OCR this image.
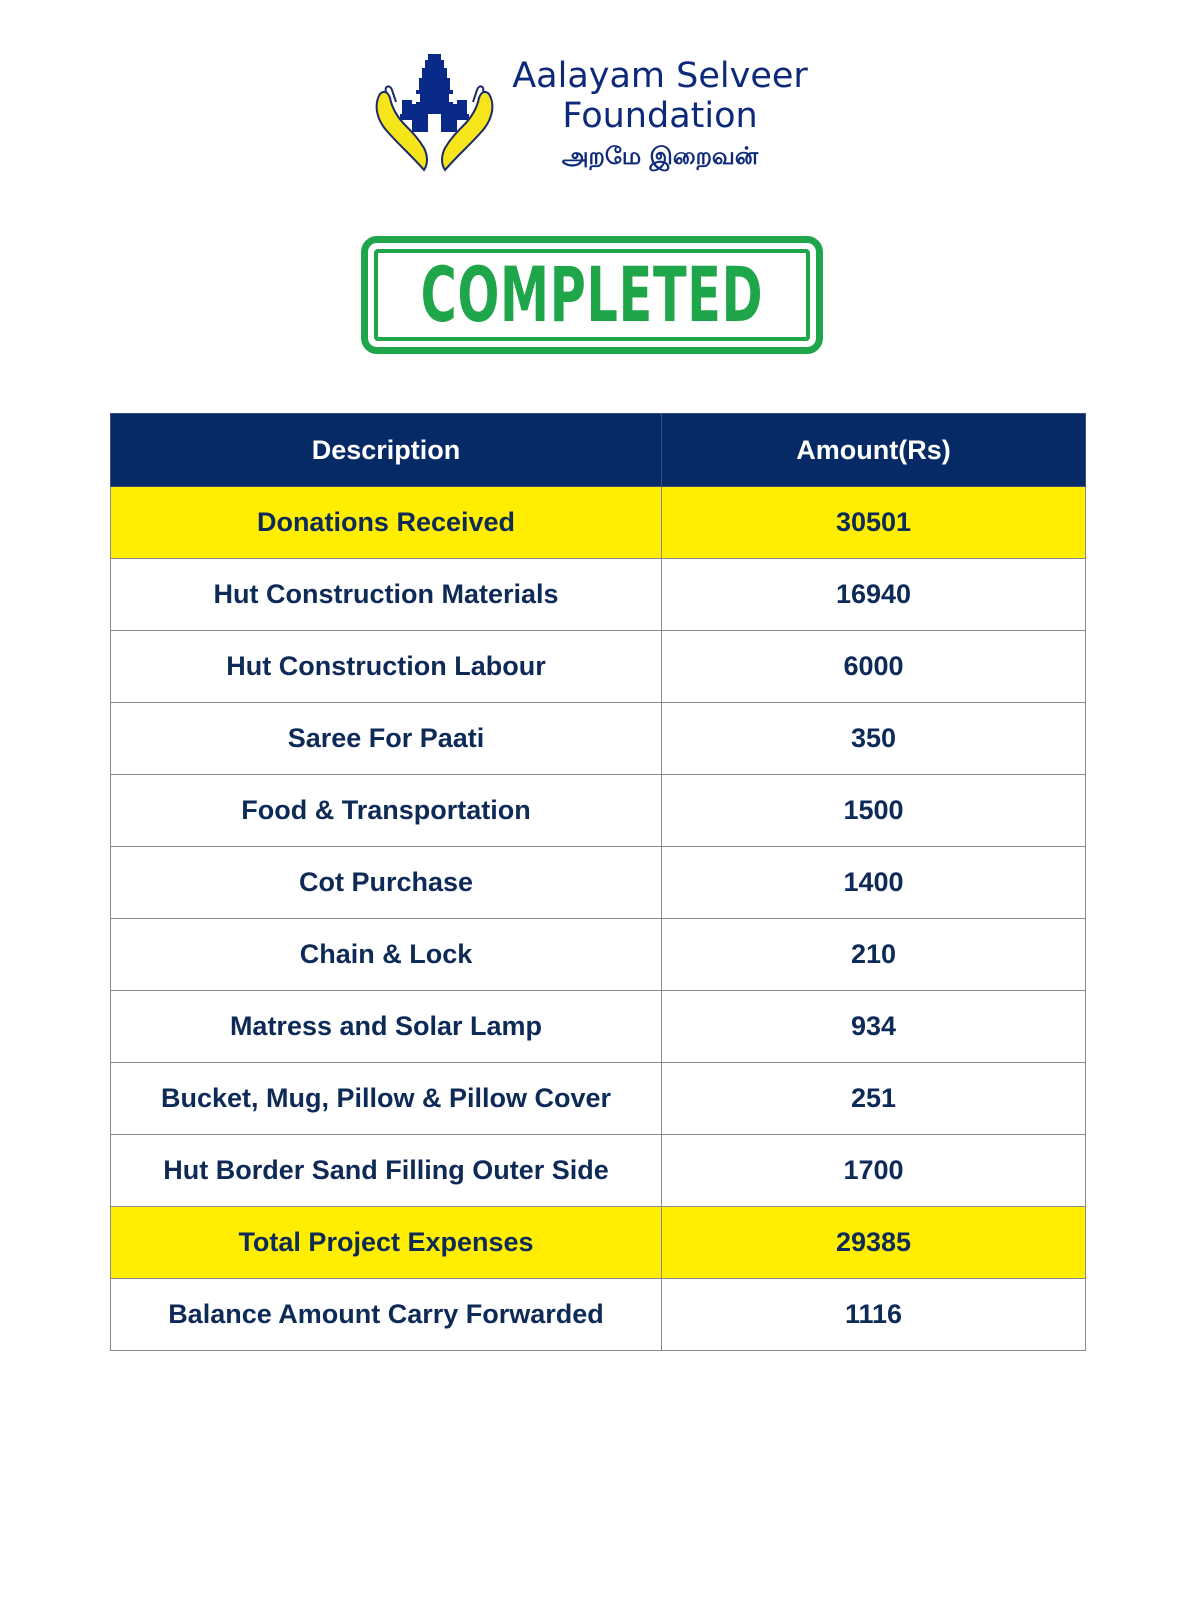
Aalayam Selveer
Foundation
அறமே இறைவன்
COMPLETED
Description	Amount(Rs)
Donations Received	30501
Hut Construction Materials	16940
Hut Construction Labour	6000
Saree For Paati	350
Food & Transportation	1500
Cot Purchase	1400
Chain & Lock	210
Matress and Solar Lamp	934
Bucket, Mug, Pillow & Pillow Cover	251
Hut Border Sand Filling Outer Side	1700
Total Project Expenses	29385
Balance Amount Carry Forwarded	1116
